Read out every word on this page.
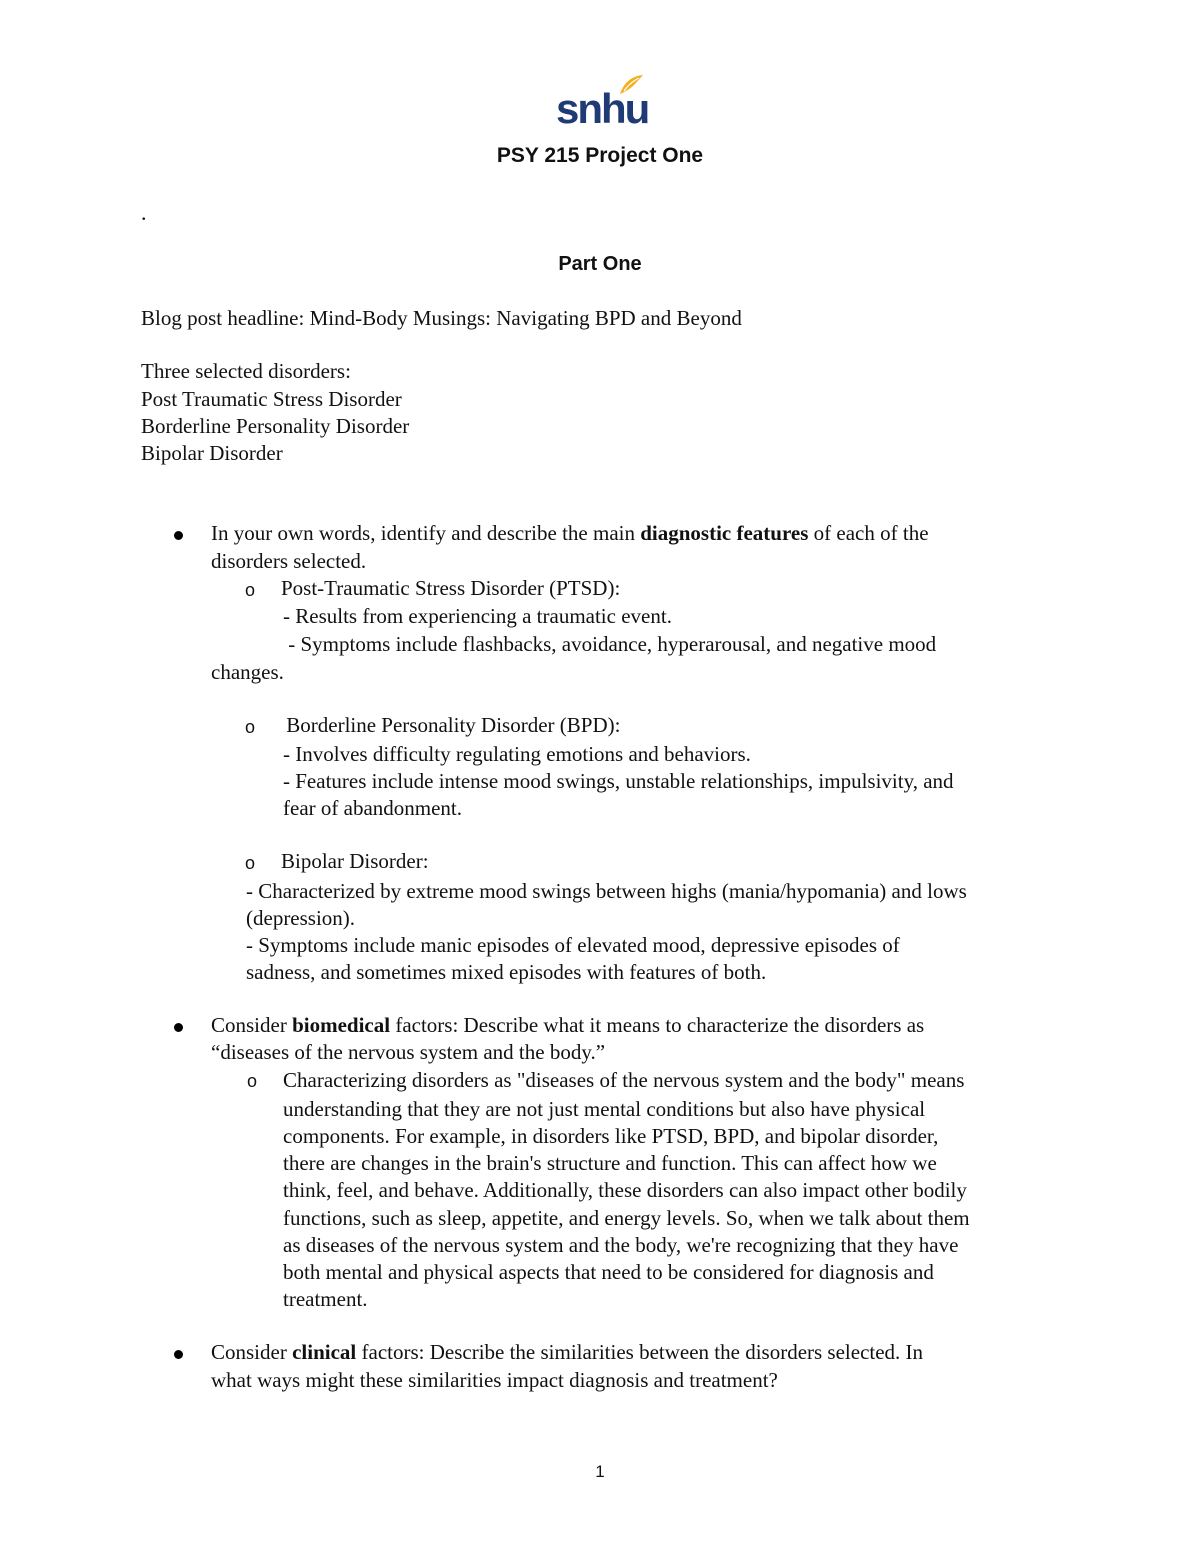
snhu
PSY 215 Project One
.
Part One
Blog post headline: Mind-Body Musings: Navigating BPD and Beyond
Three selected disorders:
Post Traumatic Stress Disorder
Borderline Personality Disorder
Bipolar Disorder
In your own words, identify and describe the main diagnostic features of each of the
disorders selected.
o Post-Traumatic Stress Disorder (PTSD):
- Results from experiencing a traumatic event.
- Symptoms include flashbacks, avoidance, hyperarousal, and negative mood
changes.
o Borderline Personality Disorder (BPD):
- Involves difficulty regulating emotions and behaviors.
- Features include intense mood swings, unstable relationships, impulsivity, and
fear of abandonment.
o Bipolar Disorder:
- Characterized by extreme mood swings between highs (mania/hypomania) and lows
(depression).
- Symptoms include manic episodes of elevated mood, depressive episodes of
sadness, and sometimes mixed episodes with features of both.
Consider biomedical factors: Describe what it means to characterize the disorders as
“diseases of the nervous system and the body.”
o Characterizing disorders as "diseases of the nervous system and the body" means
understanding that they are not just mental conditions but also have physical
components. For example, in disorders like PTSD, BPD, and bipolar disorder,
there are changes in the brain's structure and function. This can affect how we
think, feel, and behave. Additionally, these disorders can also impact other bodily
functions, such as sleep, appetite, and energy levels. So, when we talk about them
as diseases of the nervous system and the body, we're recognizing that they have
both mental and physical aspects that need to be considered for diagnosis and
treatment.
Consider clinical factors: Describe the similarities between the disorders selected. In
what ways might these similarities impact diagnosis and treatment?
1
